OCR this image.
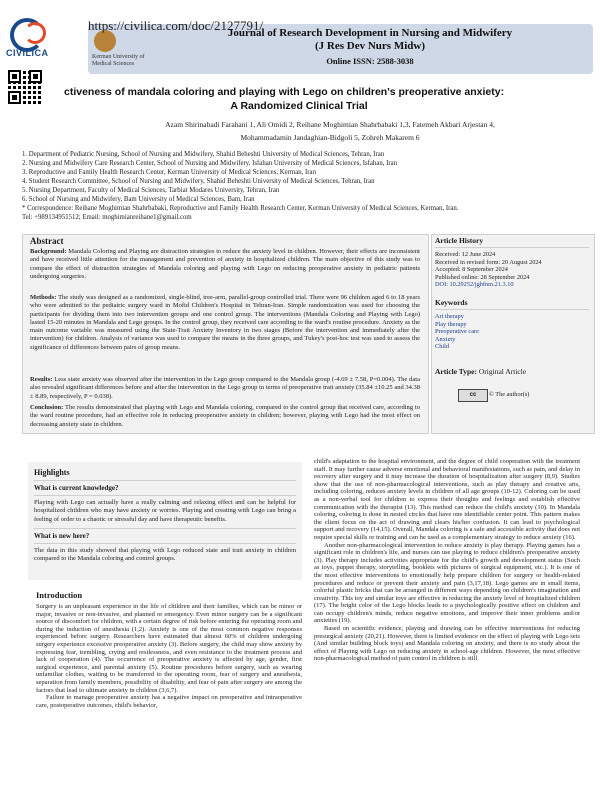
CIVILICA	Kerman University of Medical Sciences
https://civilica.com/doc/2127791/
Journal of Research Development in Nursing and Midwifery
(J Res Dev Nurs Midw)
Online ISSN: 2588-3038
ctiveness of mandala coloring and playing with Lego on children's preoperative anxiety:
A Randomized Clinical Trial
Azam Shirinabadi Farahani 1, Ali Omidi 2, Reihane Moghimian Shahrbabaki 1,3, Fatemeh Akbari Arjestan 4,
Mohammadamin Jandaghian-Bidgoli 5, Zohreh Makarem 6
1. Department of Pediatric Nursing, School of Nursing and Midwifery, Shahid Beheshti University of Medical Sciences, Tehran, Iran
2. Nursing and Midwifery Care Research Center, School of Nursing and Midwifery, Isfahan University of Medical Sciences, Isfahan, Iran
3. Reproductive and Family Health Research Center, Kerman University of Medical Sciences, Kerman, Iran
4. Student Research Committee, School of Nursing and Midwifery, Shahid Beheshti University of Medical Sciences, Tehran, Iran
5. Nursing Department, Faculty of Medical Sciences, Tarbiat Modares University, Tehran, Iran
6. School of Nursing and Midwifery, Bam University of Medical Sciences, Bam, Iran
* Correspondence: Reihane Moghimian Shahrbabaki, Reproductive and Family Health Research Center, Kerman University of Medical Sciences, Kerman, Iran.
Tel: +989134951512; Email: moghimianreihane1@gmail.com
Abstract
Background: Mandala Coloring and Playing are distraction strategies to reduce the anxiety level in children. However, their effects are inconsistent and have received little attention for the management and prevention of anxiety in hospitalized children. The main objective of this study was to compare the effect of distraction strategies of Mandala coloring and playing with Lego on reducing preoperative anxiety in pediatric patients undergoing surgeries.
Methods: The study was designed as a randomized, single-blind, tree-arm, parallel-group controlled trial. There were 96 children aged 6 to 18 years who were admitted to the pediatric surgery ward in Mofid Children's Hospital in Tehran-Iran. Simple randomization was used for choosing the participants for dividing them into two intervention groups and one control group. The interventions (Mandala Coloring and Playing with Lego) lasted 15-20 minutes in Mandala and Lego groups. In the control group, they received care according to the ward's routine procedure. Anxiety as the main outcome variable was measured using the State-Trait Anxiety Inventory in two stages (Before the intervention and immediately after the intervention) for children. Analysis of variance was used to compare the means in the three groups, and Tukey's post-hoc test was used to assess the significance of differences between pairs of group means.
Results: Less state anxiety was observed after the intervention in the Lego group compared to the Mandala group (-4.69 ± 7.58, P=0.004). The data also revealed significant differences before and after the intervention in the Lego group in terms of preoperative trait anxiety (35.84 ±10.25 and 34.38 ± 8.89, respectively, P = 0.038).
Conclusion: The results demonstrated that playing with Lego and Mandala coloring, compared to the control group that received care, according to the ward routine procedure, had an effective role in reducing preoperative anxiety in children; however, playing with Lego had the most effect on decreasing anxiety state in children.
Article History
Received: 12 June 2024
Received in revised form: 20 August 2024
Accepted: 8 September 2024
Published online: 28 September 2024
DOI: 10.29252/jgbfnm.21.3.10
Keywords
Art therapy
Play therapy
Preoperative care
Anxiety
Child
Article Type: Original Article
cc	© The author(s)
Highlights
What is current knowledge?
Playing with Lego can actually have a really calming and relaxing effect and can be helpful for hospitalized children who may have anxiety or worries. Playing and creating with Lego can bring a feeling of order to a chaotic or stressful day and have therapeutic benefits.
What is new here?
The data in this study showed that playing with Lego reduced state and trait anxiety in children compared to the Mandala coloring and control groups.
Introduction
Surgery is an unpleasant experience in the life of children and their families, which can be minor or major, invasive or non-invasive, and planned or emergency. Even minor surgery can be a significant source of discomfort for children, with a certain degree of risk before entering the operating room and during the induction of anesthesia (1,2). Anxiety is one of the most common negative responses experienced before surgery. Researchers have estimated that almost 60% of children undergoing surgery experience excessive preoperative anxiety (3). Before surgery, the child may show anxiety by expressing fear, trembling, crying and restlessness, and even resistance to the treatment process and lack of cooperation (4). The occurrence of preoperative anxiety is affected by age, gender, first surgical experience, and parental anxiety (5). Routine procedures before surgery, such as wearing unfamiliar clothes, waiting to be transferred to the operating room, fear of surgery and anesthesia, separation from family members, possibility of disability, and fear of pain after surgery are among the factors that lead to ultimate anxiety in children (3,6,7).
Failure to manage preoperative anxiety has a negative impact on preoperative and intraoperative care, postoperative outcomes, child's behavior,
child's adaptation to the hospital environment, and the degree of child cooperation with the treatment staff. It may further cause adverse emotional and behavioral manifestations, such as pain, and delay in recovery after surgery and it may increase the duration of hospitalization after surgery (8,9). Studies show that the use of non-pharmacological interventions, such as play therapy and creative arts, including coloring, reduces anxiety levels in children of all age groups (10-12). Coloring can be used as a non-verbal tool for children to express their thoughts and feelings and establish effective communication with the therapist (13). This method can reduce the child's anxiety (10). In Mandala coloring, coloring is done in nested circles that have one identifiable center point. This pattern makes the client focus on the act of drawing and clears his/her confusion. It can lead to psychological support and recovery (14,15). Overall, Mandala coloring is a safe and accessible activity that does not require special skills or training and can be used as a complementary strategy to reduce anxiety (16).
Another non-pharmacological intervention to reduce anxiety is play therapy. Playing games has a significant role in children's life, and nurses can use playing to reduce children's preoperative anxiety (3). Play therapy includes activities appropriate for the child's growth and development status (Such as toys, puppet therapy, storytelling, booklets with pictures of surgical equipment, etc.). It is one of the most effective interventions to emotionally help prepare children for surgery or health-related procedures and reduce or prevent their anxiety and pain (3,17,18). Lego games are in small items, colorful plastic bricks that can be arranged in different ways depending on children's imagination and creativity. This toy and similar toys are effective in reducing the anxiety level of hospitalized children (17). The bright color of the Lego blocks leads to a psychologically positive effect on children and can occupy children's minds, reduce negative emotions, and improve their inner problems and/or anxieties (19).
Based on scientific evidence, playing and drawing can be effective interventions for reducing presurgical anxiety (20,21). However, there is limited evidence on the effect of playing with Lego sets (And similar building block toys) and Mandala coloring on anxiety, and there is no study about the effect of Playing with Lego on reducing anxiety in school-age children. However, the most effective non-pharmacological method of pain control in children is still
